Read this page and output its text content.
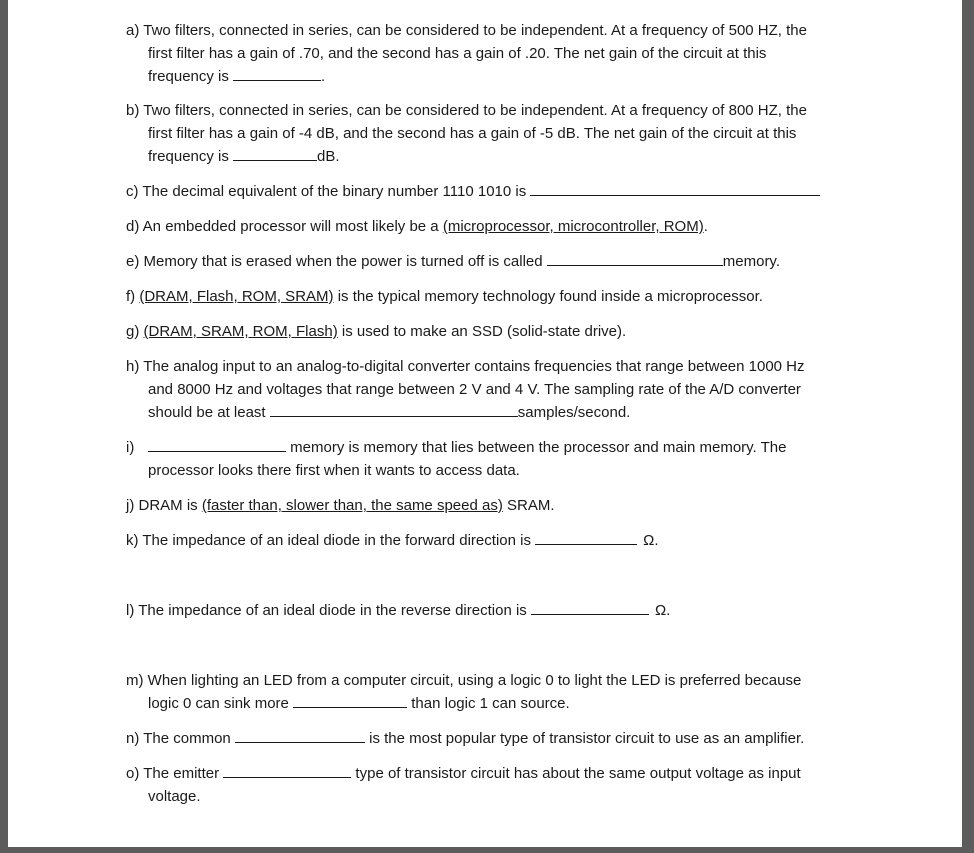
a) Two filters, connected in series, can be considered to be independent. At a frequency of 500 HZ, the
first filter has a gain of .70, and the second has a gain of .20. The net gain of the circuit at this
frequency is	.
b) Two filters, connected in series, can be considered to be independent. At a frequency of 800 HZ, the
first filter has a gain of -4 dB, and the second has a gain of -5 dB. The net gain of the circuit at this
frequency is	dB.
c) The decimal equivalent of the binary number 1110 1010 is
d) An embedded processor will most likely be a (microprocessor, microcontroller, ROM).
e) Memory that is erased when the power is turned off is called	memory.
f) (DRAM, Flash, ROM, SRAM) is the typical memory technology found inside a microprocessor.
g) (DRAM, SRAM, ROM, Flash) is used to make an SSD (solid-state drive).
h) The analog input to an analog-to-digital converter contains frequencies that range between 1000 Hz
and 8000 Hz and voltages that range between 2 V and 4 V. The sampling rate of the A/D converter
should be at least	samples/second.
i)	memory is memory that lies between the processor and main memory. The
processor looks there first when it wants to access data.
j) DRAM is (faster than, slower than, the same speed as) SRAM.
k) The impedance of an ideal diode in the forward direction is	Ω.
l) The impedance of an ideal diode in the reverse direction is	Ω.
m) When lighting an LED from a computer circuit, using a logic 0 to light the LED is preferred because
logic 0 can sink more	than logic 1 can source.
n) The common	is the most popular type of transistor circuit to use as an amplifier.
o) The emitter	type of transistor circuit has about the same output voltage as input
voltage.
